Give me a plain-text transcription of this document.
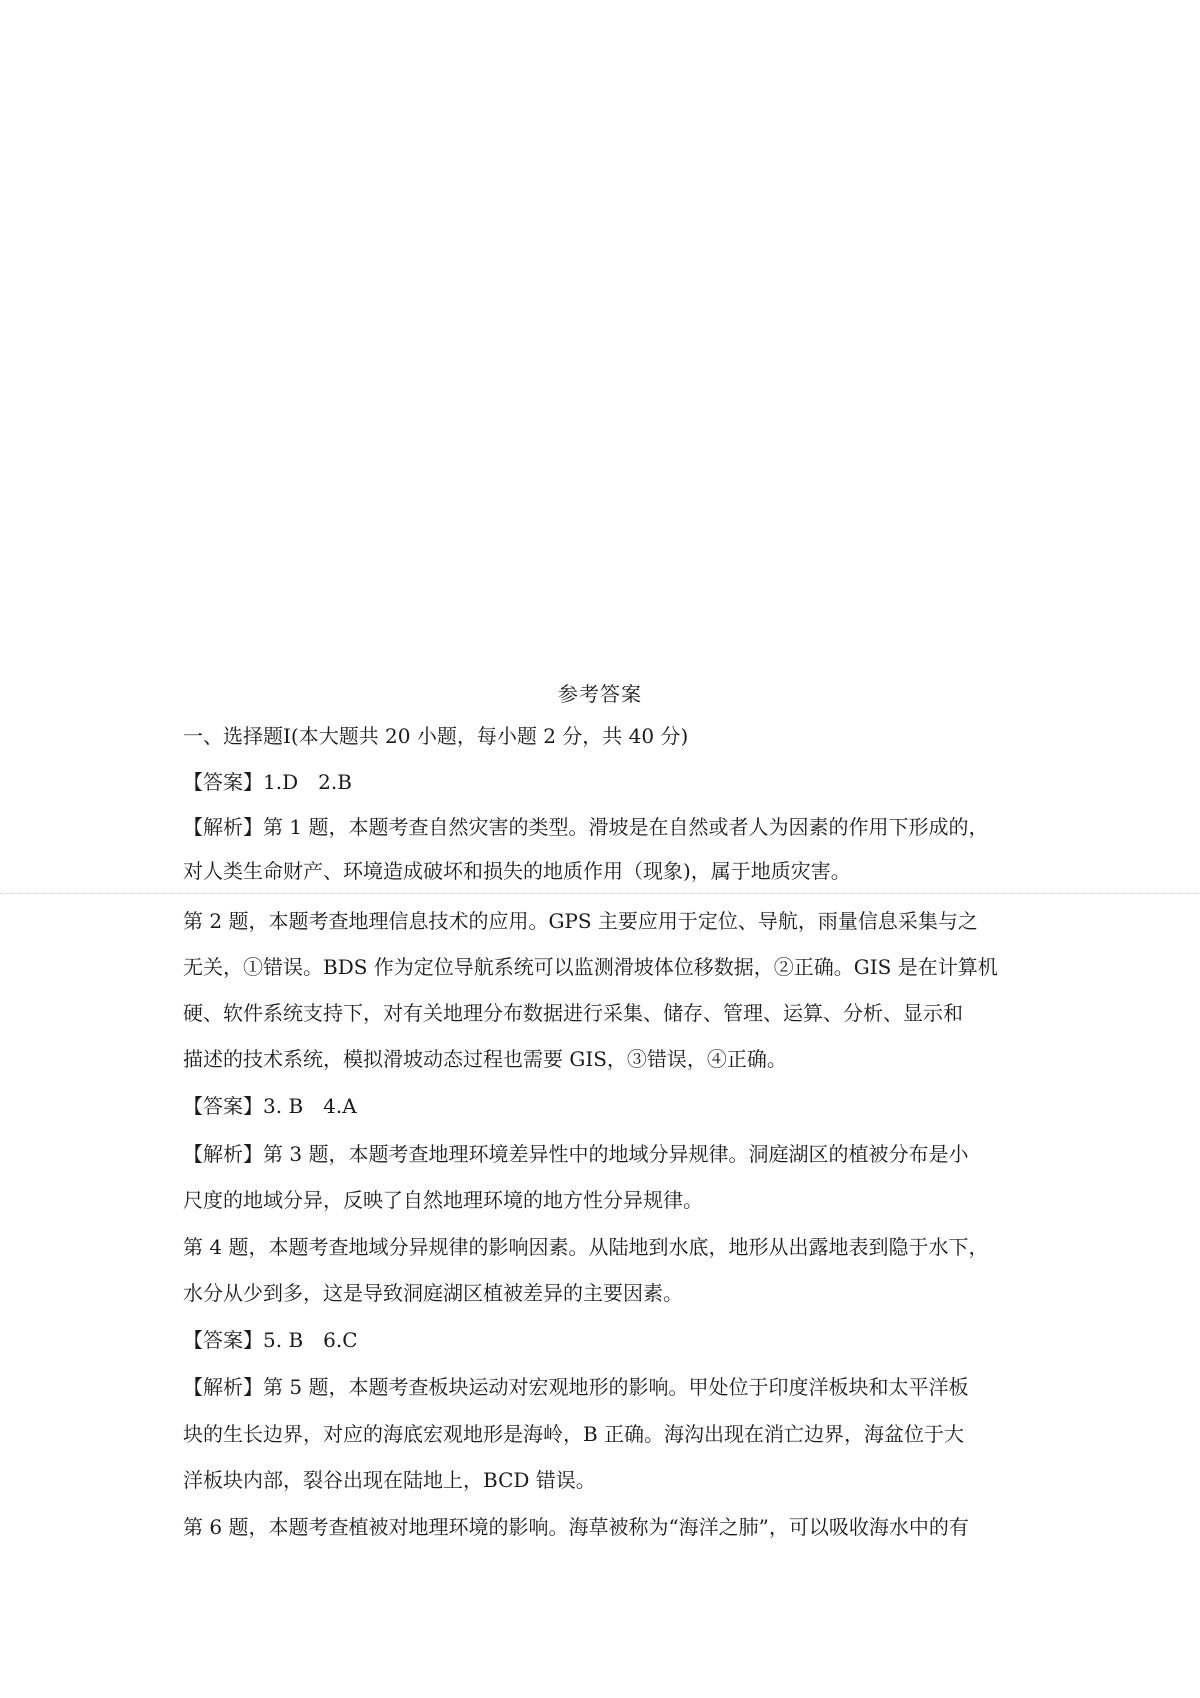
参考答案
一、选择题Ⅰ(本大题共 20 小题，每小题 2 分，共 40 分)
【答案】1.D　2.B
【解析】第 1 题，本题考查自然灾害的类型。滑坡是在自然或者人为因素的作用下形成的，
对人类生命财产、环境造成破坏和损失的地质作用（现象)，属于地质灾害。
第 2 题，本题考查地理信息技术的应用。GPS 主要应用于定位、导航，雨量信息采集与之
无关，①错误。BDS 作为定位导航系统可以监测滑坡体位移数据，②正确。GIS 是在计算机
硬、软件系统支持下，对有关地理分布数据进行采集、储存、管理、运算、分析、显示和
描述的技术系统，模拟滑坡动态过程也需要 GIS，③错误，④正确。
【答案】3. B　4.A
【解析】第 3 题，本题考查地理环境差异性中的地域分异规律。洞庭湖区的植被分布是小
尺度的地域分异，反映了自然地理环境的地方性分异规律。
第 4 题，本题考查地域分异规律的影响因素。从陆地到水底，地形从出露地表到隐于水下，
水分从少到多，这是导致洞庭湖区植被差异的主要因素。
【答案】5. B　6.C
【解析】第 5 题，本题考查板块运动对宏观地形的影响。甲处位于印度洋板块和太平洋板
块的生长边界，对应的海底宏观地形是海岭，B 正确。海沟出现在消亡边界，海盆位于大
洋板块内部，裂谷出现在陆地上，BCD 错误。
第 6 题，本题考查植被对地理环境的影响。海草被称为“海洋之肺”，可以吸收海水中的有
